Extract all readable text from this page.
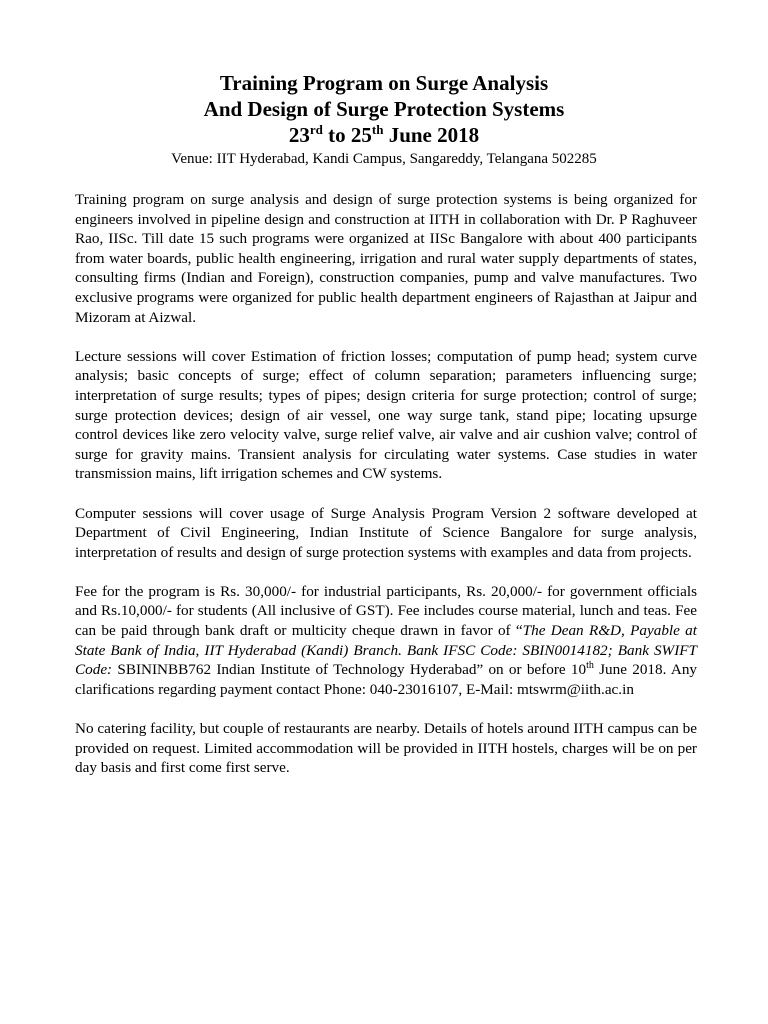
Training Program on Surge Analysis
And Design of Surge Protection Systems
23rd to 25th June 2018
Venue: IIT Hyderabad, Kandi Campus, Sangareddy, Telangana 502285

Training program on surge analysis and design of surge protection systems is being organized for engineers involved in pipeline design and construction at IITH in collaboration with Dr. P Raghuveer Rao, IISc. Till date 15 such programs were organized at IISc Bangalore with about 400 participants from water boards, public health engineering, irrigation and rural water supply departments of states, consulting firms (Indian and Foreign), construction companies, pump and valve manufactures. Two exclusive programs were organized for public health department engineers of Rajasthan at Jaipur and Mizoram at Aizwal.

Lecture sessions will cover Estimation of friction losses; computation of pump head; system curve analysis; basic concepts of surge; effect of column separation; parameters influencing surge; interpretation of surge results; types of pipes; design criteria for surge protection; control of surge; surge protection devices; design of air vessel, one way surge tank, stand pipe; locating upsurge control devices like zero velocity valve, surge relief valve, air valve and air cushion valve; control of surge for gravity mains. Transient analysis for circulating water systems. Case studies in water transmission mains, lift irrigation schemes and CW systems.

Computer sessions will cover usage of Surge Analysis Program Version 2 software developed at Department of Civil Engineering, Indian Institute of Science Bangalore for surge analysis, interpretation of results and design of surge protection systems with examples and data from projects.

Fee for the program is Rs. 30,000/- for industrial participants, Rs. 20,000/- for government officials and Rs.10,000/- for students (All inclusive of GST). Fee includes course material, lunch and teas. Fee can be paid through bank draft or multicity cheque drawn in favor of “The Dean R&D, Payable at State Bank of India, IIT Hyderabad (Kandi) Branch. Bank IFSC Code: SBIN0014182; Bank SWIFT Code: SBININBB762 Indian Institute of Technology Hyderabad” on or before 10th June 2018. Any clarifications regarding payment contact Phone: 040-23016107, E-Mail: mtswrm@iith.ac.in

No catering facility, but couple of restaurants are nearby. Details of hotels around IITH campus can be provided on request. Limited accommodation will be provided in IITH hostels, charges will be on per day basis and first come first serve.
